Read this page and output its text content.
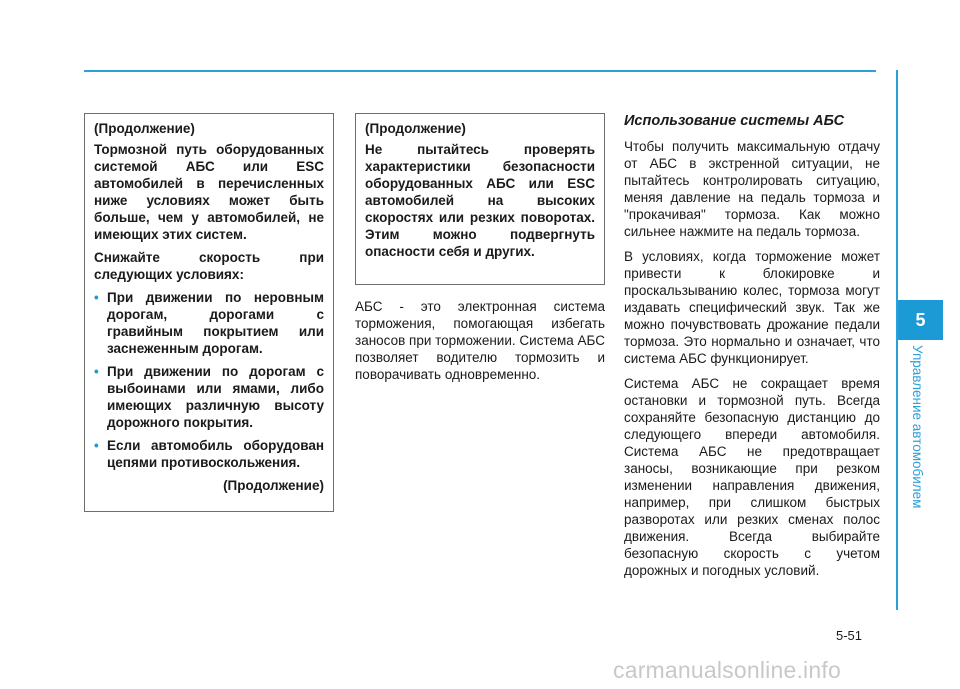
5
Управление автомобилем

(Продолжение)

Тормозной путь оборудованных системой АБС или ESC автомобилей в перечисленных ниже условиях может быть больше, чем у автомобилей, не имеющих этих систем.

Снижайте скорость при следующих условиях:

• При движении по неровным дорогам, дорогами с гравийным покрытием или заснеженным дорогам.
• При движении по дорогам с выбоинами или ямами, либо имеющих различную высоту дорожного покрытия.
• Если автомобиль оборудован цепями противоскольжения.

(Продолжение)

(Продолжение)

Не пытайтесь проверять характеристики безопасности оборудованных АБС или ESC автомобилей на высоких скоростях или резких поворотах. Этим можно подвергнуть опасности себя и других.

АБС - это электронная система торможения, помогающая избегать заносов при торможении. Система АБС позволяет водителю тормозить и поворачивать одновременно.

Использование системы АБС

Чтобы получить максимальную отдачу от АБС в экстренной ситуации, не пытайтесь контролировать ситуацию, меняя давление на педаль тормоза и "прокачивая" тормоза. Как можно сильнее нажмите на педаль тормоза.

В условиях, когда торможение может привести к блокировке и проскальзыванию колес, тормоза могут издавать специфический звук. Так же можно почувствовать дрожание педали тормоза. Это нормально и означает, что система АБС функционирует.

Система АБС не сокращает время остановки и тормозной путь. Всегда сохраняйте безопасную дистанцию до следующего впереди автомобиля. Система АБС не предотвращает заносы, возникающие при резком изменении направления движения, например, при слишком быстрых разворотах или резких сменах полос движения. Всегда выбирайте безопасную скорость с учетом дорожных и погодных условий.

5-51
carmanualsonline.info
